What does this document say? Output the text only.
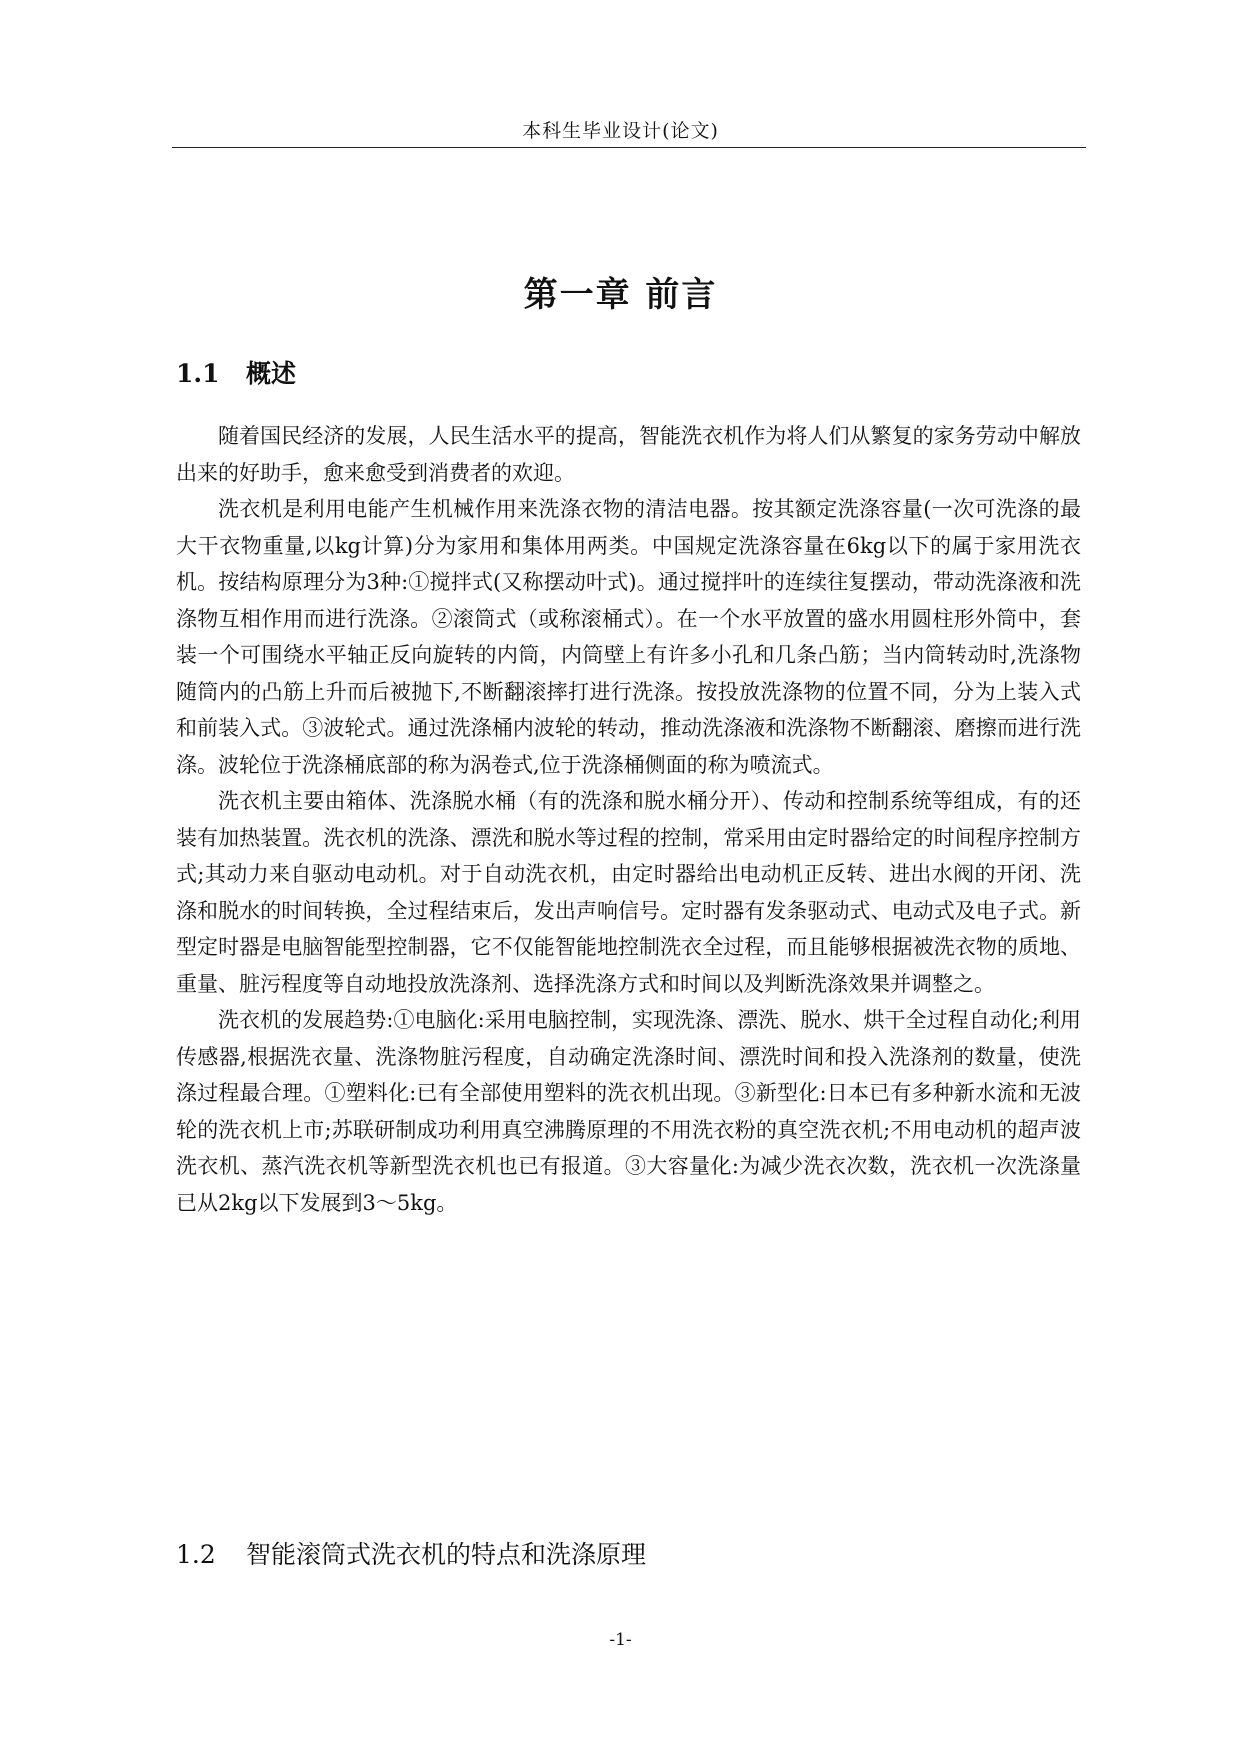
本科生毕业设计(论文)
第一章 前言
1.1 概述

随着国民经济的发展，人民生活水平的提高，智能洗衣机作为将人们从繁复的家务劳动中解放出来的好助手，愈来愈受到消费者的欢迎。

洗衣机是利用电能产生机械作用来洗涤衣物的清洁电器。按其额定洗涤容量(一次可洗涤的最大干衣物重量,以kg计算)分为家用和集体用两类。中国规定洗涤容量在6kg以下的属于家用洗衣机。按结构原理分为3种:①搅拌式(又称摆动叶式)。通过搅拌叶的连续往复摆动，带动洗涤液和洗涤物互相作用而进行洗涤。②滚筒式（或称滚桶式）。在一个水平放置的盛水用圆柱形外筒中，套装一个可围绕水平轴正反向旋转的内筒，内筒壁上有许多小孔和几条凸筋；当内筒转动时,洗涤物随筒内的凸筋上升而后被抛下,不断翻滚摔打进行洗涤。按投放洗涤物的位置不同，分为上装入式和前装入式。③波轮式。通过洗涤桶内波轮的转动，推动洗涤液和洗涤物不断翻滚、磨擦而进行洗涤。波轮位于洗涤桶底部的称为涡卷式,位于洗涤桶侧面的称为喷流式。

洗衣机主要由箱体、洗涤脱水桶（有的洗涤和脱水桶分开）、传动和控制系统等组成，有的还装有加热装置。洗衣机的洗涤、漂洗和脱水等过程的控制，常采用由定时器给定的时间程序控制方式;其动力来自驱动电动机。对于自动洗衣机，由定时器给出电动机正反转、进出水阀的开闭、洗涤和脱水的时间转换，全过程结束后，发出声响信号。定时器有发条驱动式、电动式及电子式。新型定时器是电脑智能型控制器，它不仅能智能地控制洗衣全过程，而且能够根据被洗衣物的质地、重量、脏污程度等自动地投放洗涤剂、选择洗涤方式和时间以及判断洗涤效果并调整之。

洗衣机的发展趋势:①电脑化:采用电脑控制，实现洗涤、漂洗、脱水、烘干全过程自动化;利用传感器,根据洗衣量、洗涤物脏污程度，自动确定洗涤时间、漂洗时间和投入洗涤剂的数量，使洗涤过程最合理。①塑料化:已有全部使用塑料的洗衣机出现。③新型化:日本已有多种新水流和无波轮的洗衣机上市;苏联研制成功利用真空沸腾原理的不用洗衣粉的真空洗衣机;不用电动机的超声波洗衣机、蒸汽洗衣机等新型洗衣机也已有报道。③大容量化:为减少洗衣次数，洗衣机一次洗涤量已从2kg以下发展到3～5kg。

1.2 智能滚筒式洗衣机的特点和洗涤原理
-1-
